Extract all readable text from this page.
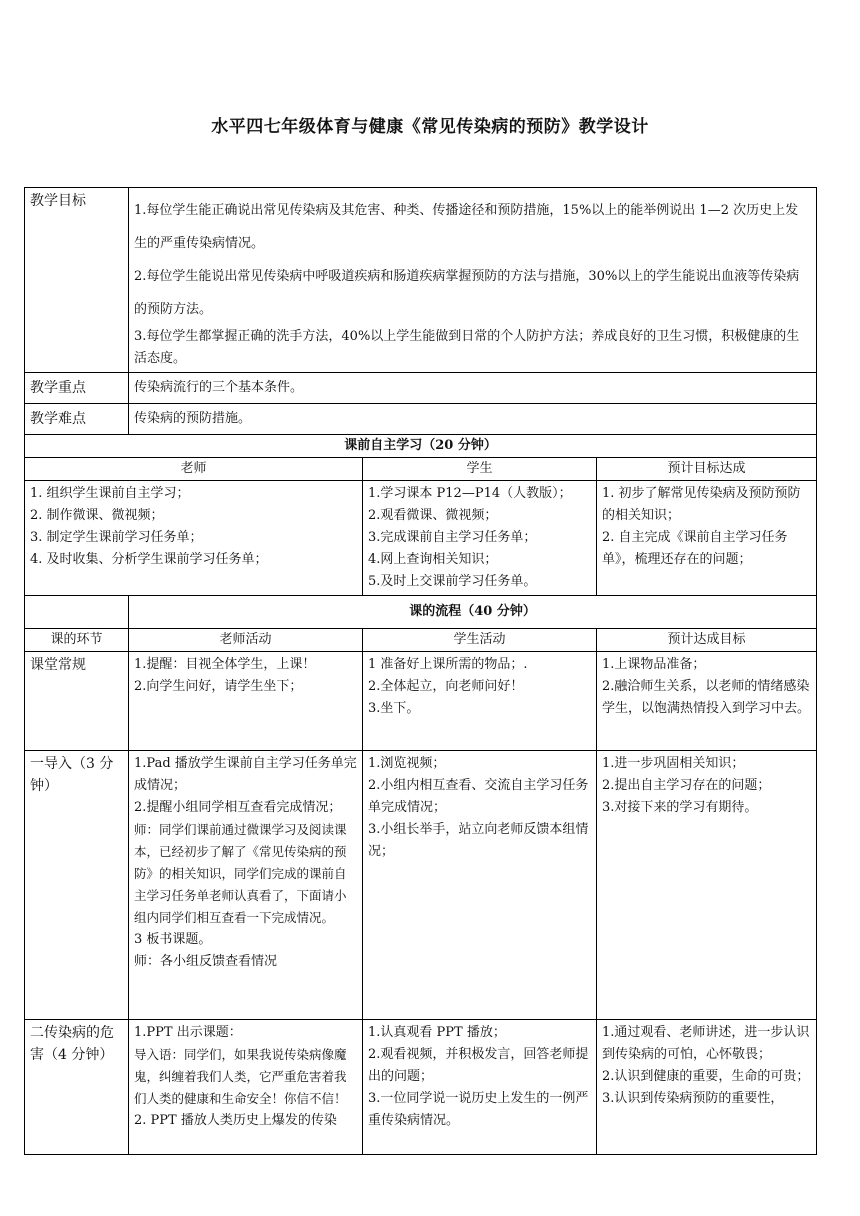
水平四七年级体育与健康《常见传染病的预防》教学设计
教学目标	1.每位学生能正确说出常见传染病及其危害、种类、传播途径和预防措施，15%以上的能举例说出 1—2 次历史上发生的严重传染病情况。
2.每位学生能说出常见传染病中呼吸道疾病和肠道疾病掌握预防的方法与措施，30%以上的学生能说出血液等传染病的预防方法。
3.每位学生都掌握正确的洗手方法，40%以上学生能做到日常的个人防护方法；养成良好的卫生习惯，积极健康的生活态度。		

教学重点	传染病流行的三个基本条件。		
教学难点	传染病的预防措施。		
课前自主学习（20 分钟）			
老师		学生	预计目标达成

1. 组织学生课前自主学习；
2. 制作微课、微视频；
3. 制定学生课前学习任务单；
4. 及时收集、分析学生课前学习任务单；		1.学习课本 P12—P14（人教版）；
2.观看微课、微视频；
3.完成课前自主学习任务单；
4.网上查询相关知识；
5.及时上交课前学习任务单。	1. 初步了解常见传染病及预防预防的相关知识；
2. 自主完成《课前自主学习任务单》，梳理还存在的问题；

	课的流程（40 分钟）		
课的环节	老师活动	学生活动	预计达成目标
课堂常规	1.提醒：目视全体学生，上课！
2.向学生问好，请学生坐下；	1 准备好上课所需的物品；.
2.全体起立，向老师问好！
3.坐下。	1.上课物品准备；
2.融洽师生关系，以老师的情绪感染学生，以饱满热情投入到学习中去。

一导入（3 分钟）	1.Pad 播放学生课前自主学习任务单完成情况；
2.提醒小组同学相互查看完成情况；
师：同学们课前通过微课学习及阅读课本，已经初步了解了《常见传染病的预防》的相关知识，同学们完成的课前自主学习任务单老师认真看了，下面请小组内同学们相互查看一下完成情况。
3 板书课题。
师：各小组反馈查看情况	1.浏览视频；
2.小组内相互查看、交流自主学习任务单完成情况；
3.小组长举手，站立向老师反馈本组情况；	1.进一步巩固相关知识；
2.提出自主学习存在的问题；
3.对接下来的学习有期待。

二传染病的危害（4 分钟）	1.PPT 出示课题：
导入语：同学们，如果我说传染病像魔鬼，纠缠着我们人类，它严重危害着我们人类的健康和生命安全！你信不信！
2. PPT 播放人类历史上爆发的传染	1.认真观看 PPT 播放；
2.观看视频，并积极发言，回答老师提出的问题；
3.一位同学说一说历史上发生的一例严重传染病情况。	1.通过观看、老师讲述，进一步认识到传染病的可怕，心怀敬畏；
2.认识到健康的重要，生命的可贵；
3.认识到传染病预防的重要性，
